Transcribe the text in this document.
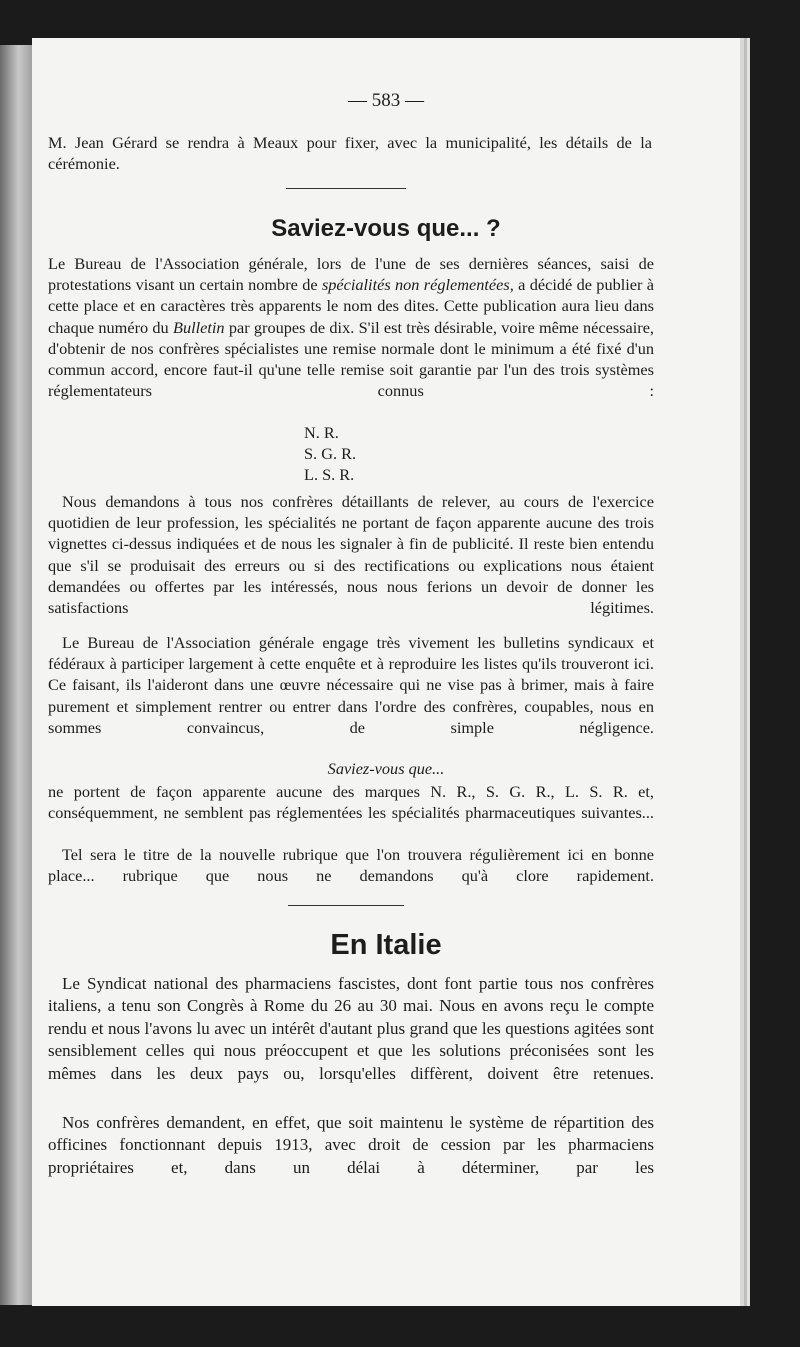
— 583 —
M. Jean Gérard se rendra à Meaux pour fixer, avec la municipalité, les détails de la cérémonie.
Saviez-vous que... ?
Le Bureau de l'Association générale, lors de l'une de ses dernières séances, saisi de protestations visant un certain nombre de spécialités non réglementées, a décidé de publier à cette place et en caractères très apparents le nom des dites. Cette publication aura lieu dans chaque numéro du Bulletin par groupes de dix. S'il est très désirable, voire même nécessaire, d'obtenir de nos confrères spécialistes une remise normale dont le minimum a été fixé d'un commun accord, encore faut-il qu'une telle remise soit garantie par l'un des trois systèmes réglementateurs connus :
N. R.
S. G. R.
L. S. R.
Nous demandons à tous nos confrères détaillants de relever, au cours de l'exercice quotidien de leur profession, les spécialités ne portant de façon apparente aucune des trois vignettes ci-dessus indiquées et de nous les signaler à fin de publicité. Il reste bien entendu que s'il se produisait des erreurs ou si des rectifications ou explications nous étaient demandées ou offertes par les intéressés, nous nous ferions un devoir de donner les satisfactions légitimes.
Le Bureau de l'Association générale engage très vivement les bulletins syndicaux et fédéraux à participer largement à cette enquête et à reproduire les listes qu'ils trouveront ici. Ce faisant, ils l'aideront dans une œuvre nécessaire qui ne vise pas à brimer, mais à faire purement et simplement rentrer ou entrer dans l'ordre des confrères, coupables, nous en sommes convaincus, de simple négligence.
Saviez-vous que...
ne portent de façon apparente aucune des marques N. R., S. G. R., L. S. R. et, conséquemment, ne semblent pas réglementées les spécialités pharmaceutiques suivantes...
Tel sera le titre de la nouvelle rubrique que l'on trouvera régulièrement ici en bonne place... rubrique que nous ne demandons qu'à clore rapidement.
En Italie
Le Syndicat national des pharmaciens fascistes, dont font partie tous nos confrères italiens, a tenu son Congrès à Rome du 26 au 30 mai. Nous en avons reçu le compte rendu et nous l'avons lu avec un intérêt d'autant plus grand que les questions agitées sont sensiblement celles qui nous préoccupent et que les solutions préconisées sont les mêmes dans les deux pays ou, lorsqu'elles diffèrent, doivent être retenues.
Nos confrères demandent, en effet, que soit maintenu le système de répartition des officines fonctionnant depuis 1913, avec droit de cession par les pharmaciens propriétaires et, dans un délai à déterminer, par les
